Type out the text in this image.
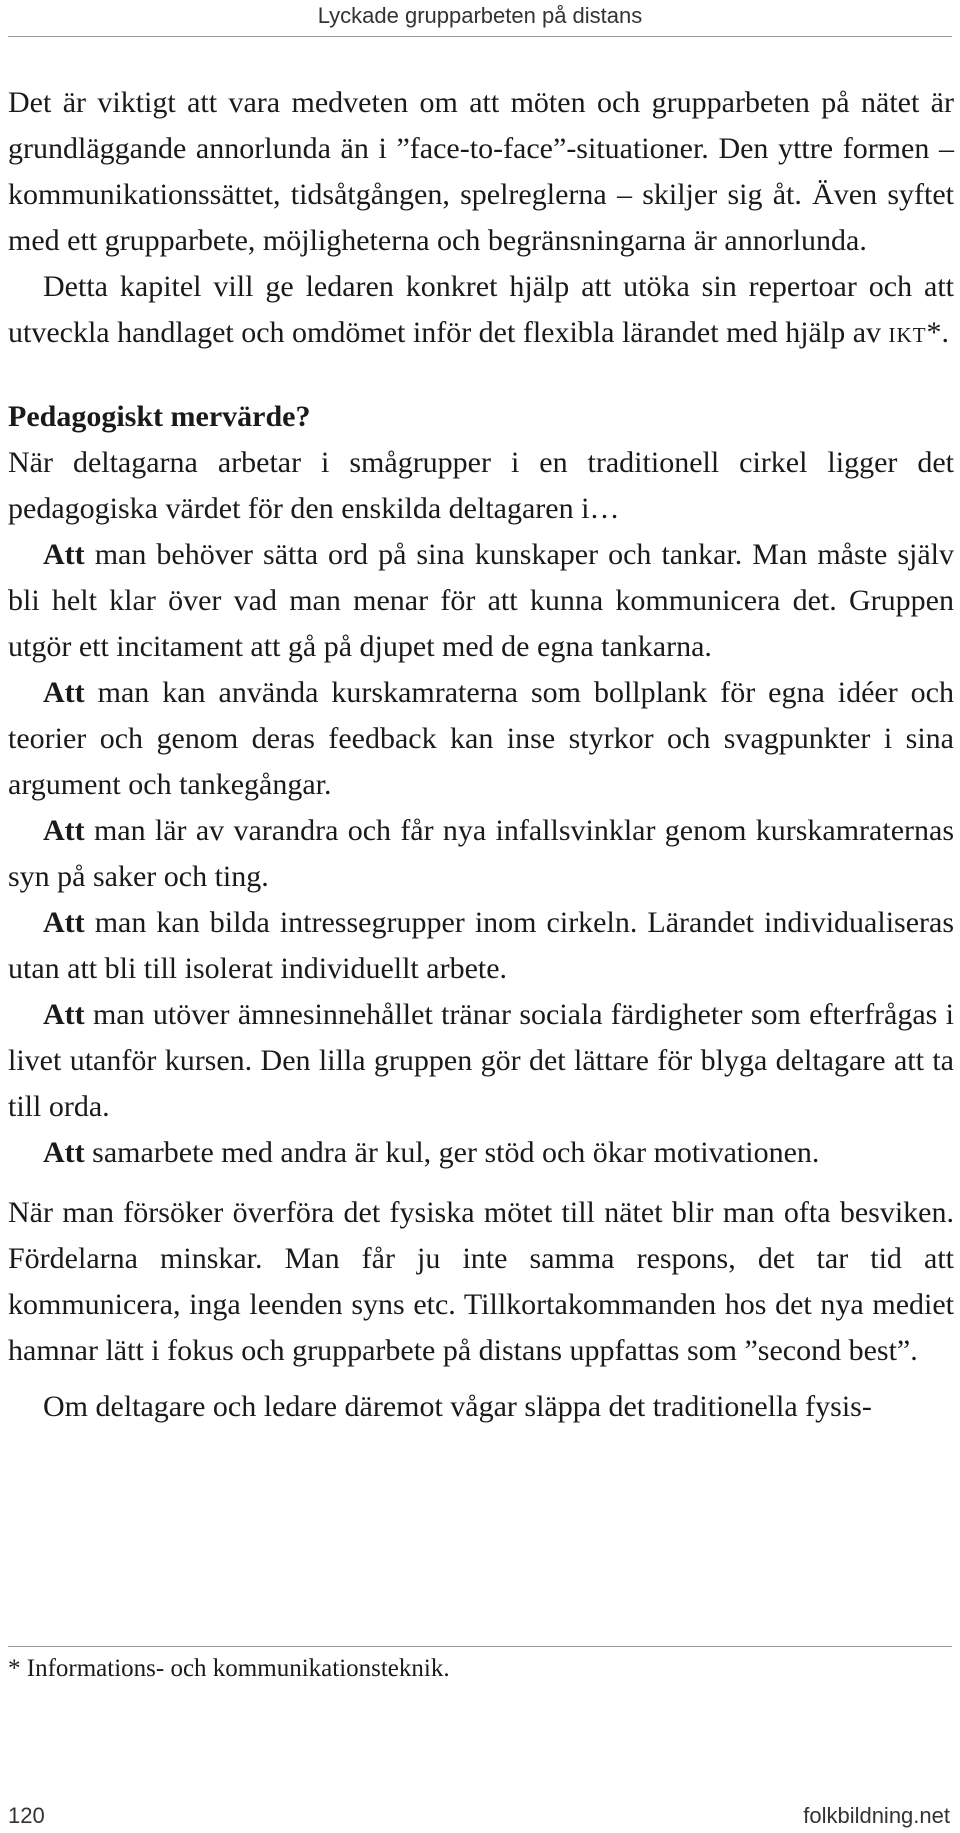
Lyckade grupparbeten på distans

Det är viktigt att vara medveten om att möten och grupparbeten på nätet är grundläggande annorlunda än i ”face-to-face”-situationer. Den yttre formen – kommunikationssättet, tidsåtgången, spelreglerna – skiljer sig åt. Även syftet med ett grupparbete, möjligheterna och begränsningarna är annorlunda.

Detta kapitel vill ge ledaren konkret hjälp att utöka sin repertoar och att utveckla handlaget och omdömet inför det flexibla lärandet med hjälp av ikt*.

Pedagogiskt mervärde?

När deltagarna arbetar i smågrupper i en traditionell cirkel ligger det pedagogiska värdet för den enskilda deltagaren i…

Att man behöver sätta ord på sina kunskaper och tankar. Man måste själv bli helt klar över vad man menar för att kunna kommunicera det. Gruppen utgör ett incitament att gå på djupet med de egna tankarna.

Att man kan använda kurskamraterna som bollplank för egna idéer och teorier och genom deras feedback kan inse styrkor och svagpunkter i sina argument och tankegångar.

Att man lär av varandra och får nya infallsvinklar genom kurskamraternas syn på saker och ting.

Att man kan bilda intressegrupper inom cirkeln. Lärandet individualiseras utan att bli till isolerat individuellt arbete.

Att man utöver ämnesinnehållet tränar sociala färdigheter som efterfrågas i livet utanför kursen. Den lilla gruppen gör det lättare för blyga deltagare att ta till orda.

Att samarbete med andra är kul, ger stöd och ökar motivationen.

När man försöker överföra det fysiska mötet till nätet blir man ofta besviken. Fördelarna minskar. Man får ju inte samma respons, det tar tid att kommunicera, inga leenden syns etc. Tillkortakommanden hos det nya mediet hamnar lätt i fokus och grupparbete på distans uppfattas som ”second best”.

Om deltagare och ledare däremot vågar släppa det traditionella fysis-

* Informations- och kommunikationsteknik.
120	folkbildning.net
